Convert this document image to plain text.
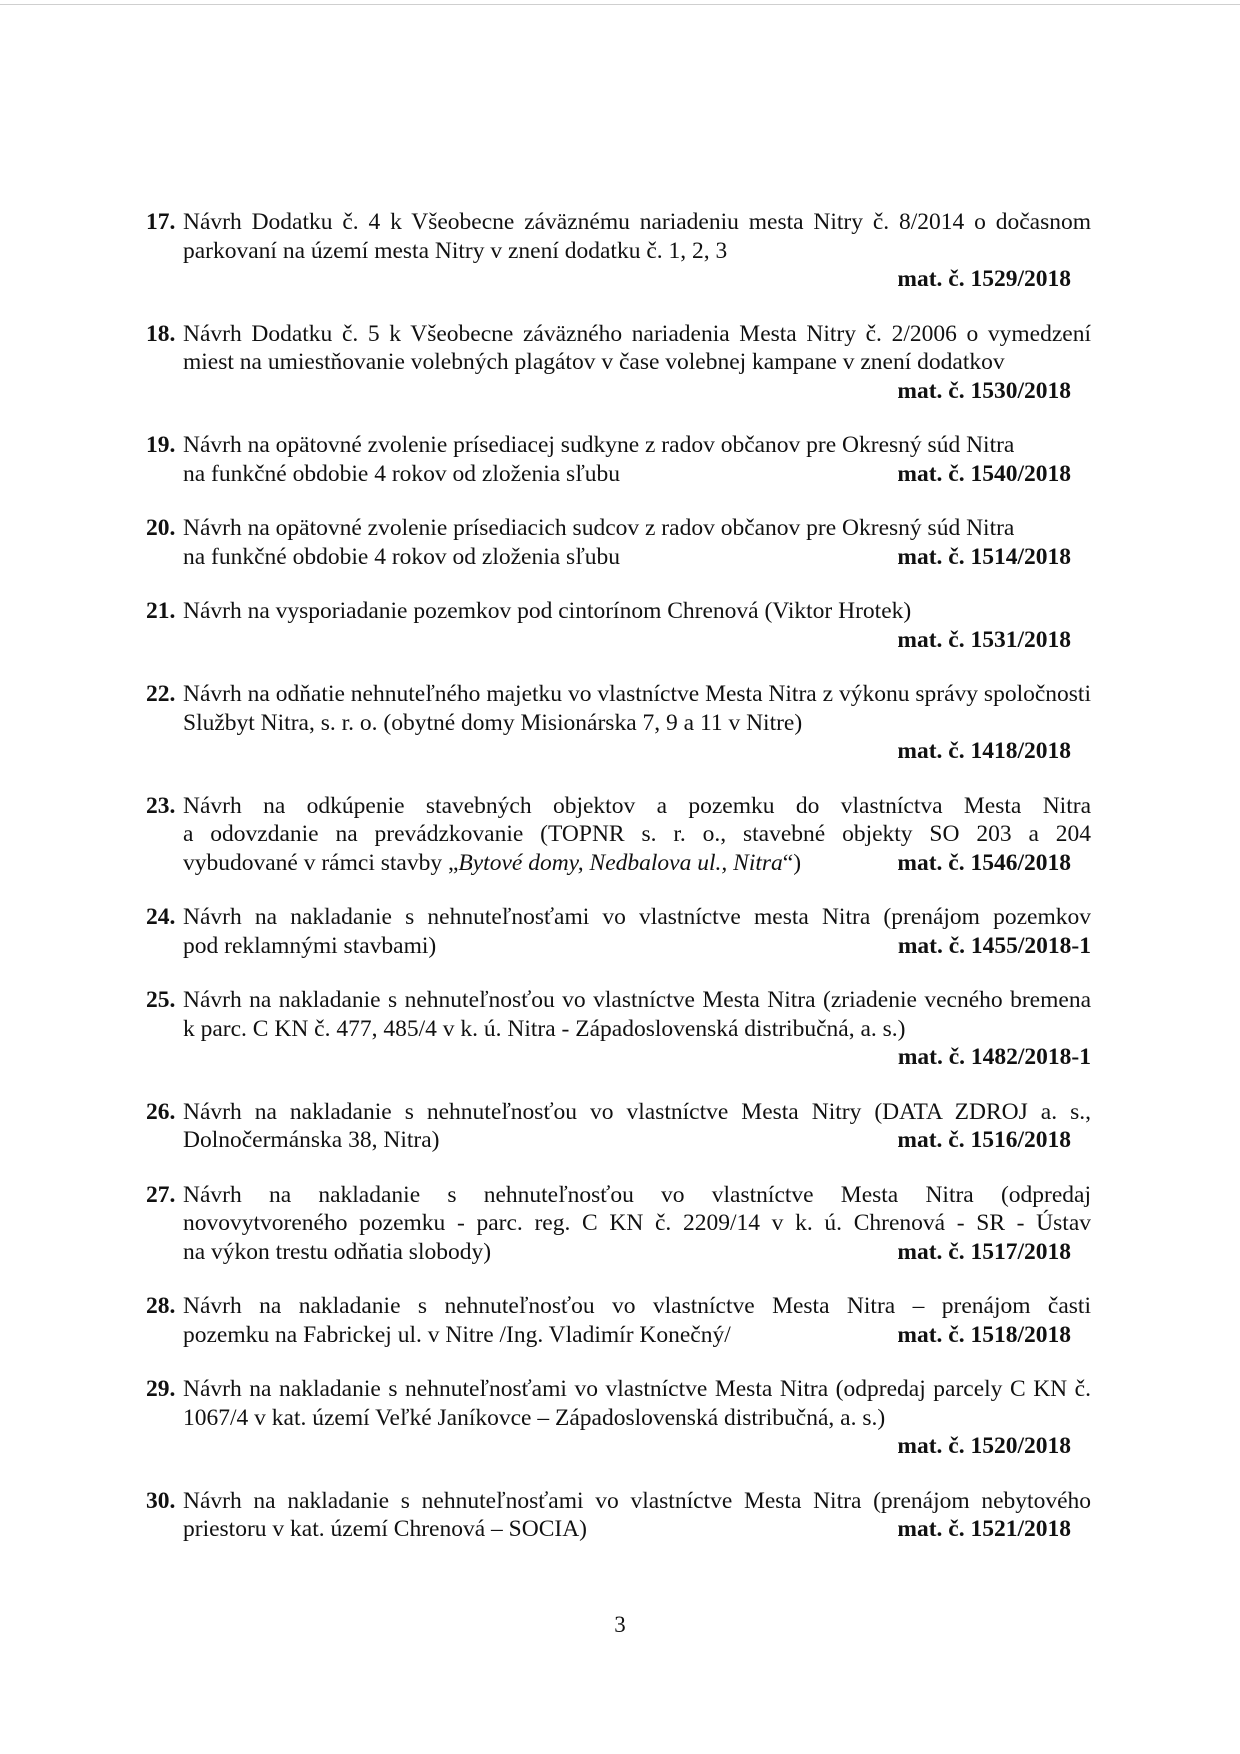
17. Návrh Dodatku č. 4 k Všeobecne záväznému nariadeniu mesta Nitry č. 8/2014 o dočasnom parkovaní na území mesta Nitry v znení dodatku č. 1, 2, 3
mat. č. 1529/2018
18. Návrh Dodatku č. 5 k Všeobecne záväzného nariadenia Mesta Nitry č. 2/2006 o vymedzení miest na umiestňovanie volebných plagátov v čase volebnej kampane v znení dodatkov
mat. č. 1530/2018
19. Návrh na opätovné zvolenie prísediacej sudkyne z radov občanov pre Okresný súd Nitra
na funkčné obdobie 4 rokov od zloženia sľubu	mat. č. 1540/2018
20. Návrh na opätovné zvolenie prísediacich sudcov z radov občanov pre Okresný súd Nitra
na funkčné obdobie 4 rokov od zloženia sľubu	mat. č. 1514/2018
21. Návrh na vysporiadanie pozemkov pod cintorínom Chrenová (Viktor Hrotek)
mat. č. 1531/2018
22. Návrh na odňatie nehnuteľného majetku vo vlastníctve Mesta Nitra z výkonu správy spoločnosti Službyt Nitra, s. r. o. (obytné domy Misionárska 7, 9 a 11 v Nitre)
mat. č. 1418/2018
23. Návrh na odkúpenie stavebných objektov a pozemku do vlastníctva Mesta Nitra
a odovzdanie na prevádzkovanie (TOPNR s. r. o., stavebné objekty SO 203 a 204
vybudované v rámci stavby „Bytové domy, Nedbalova ul., Nitra“)	mat. č. 1546/2018
24. Návrh na nakladanie s nehnuteľnosťami vo vlastníctve mesta Nitra (prenájom pozemkov
pod reklamnými stavbami)	mat. č. 1455/2018-1
25. Návrh na nakladanie s nehnuteľnosťou vo vlastníctve Mesta Nitra (zriadenie vecného bremena k parc. C KN č. 477, 485/4 v k. ú. Nitra - Západoslovenská distribučná, a. s.)
mat. č. 1482/2018-1
26. Návrh na nakladanie s nehnuteľnosťou vo vlastníctve Mesta Nitry (DATA ZDROJ a. s.,
Dolnočermánska 38, Nitra)	mat. č. 1516/2018
27. Návrh na nakladanie s nehnuteľnosťou vo vlastníctve Mesta Nitra (odpredaj
novovytvoreného pozemku - parc. reg. C KN č. 2209/14 v k. ú. Chrenová - SR - Ústav
na výkon trestu odňatia slobody)	mat. č. 1517/2018
28. Návrh na nakladanie s nehnuteľnosťou vo vlastníctve Mesta Nitra – prenájom časti
pozemku na Fabrickej ul. v Nitre /Ing. Vladimír Konečný/	mat. č. 1518/2018
29. Návrh na nakladanie s nehnuteľnosťami vo vlastníctve Mesta Nitra (odpredaj parcely C KN č. 1067/4 v kat. území Veľké Janíkovce – Západoslovenská distribučná, a. s.)
mat. č. 1520/2018
30. Návrh na nakladanie s nehnuteľnosťami vo vlastníctve Mesta Nitra (prenájom nebytového
priestoru v kat. území Chrenová – SOCIA)	mat. č. 1521/2018
3
